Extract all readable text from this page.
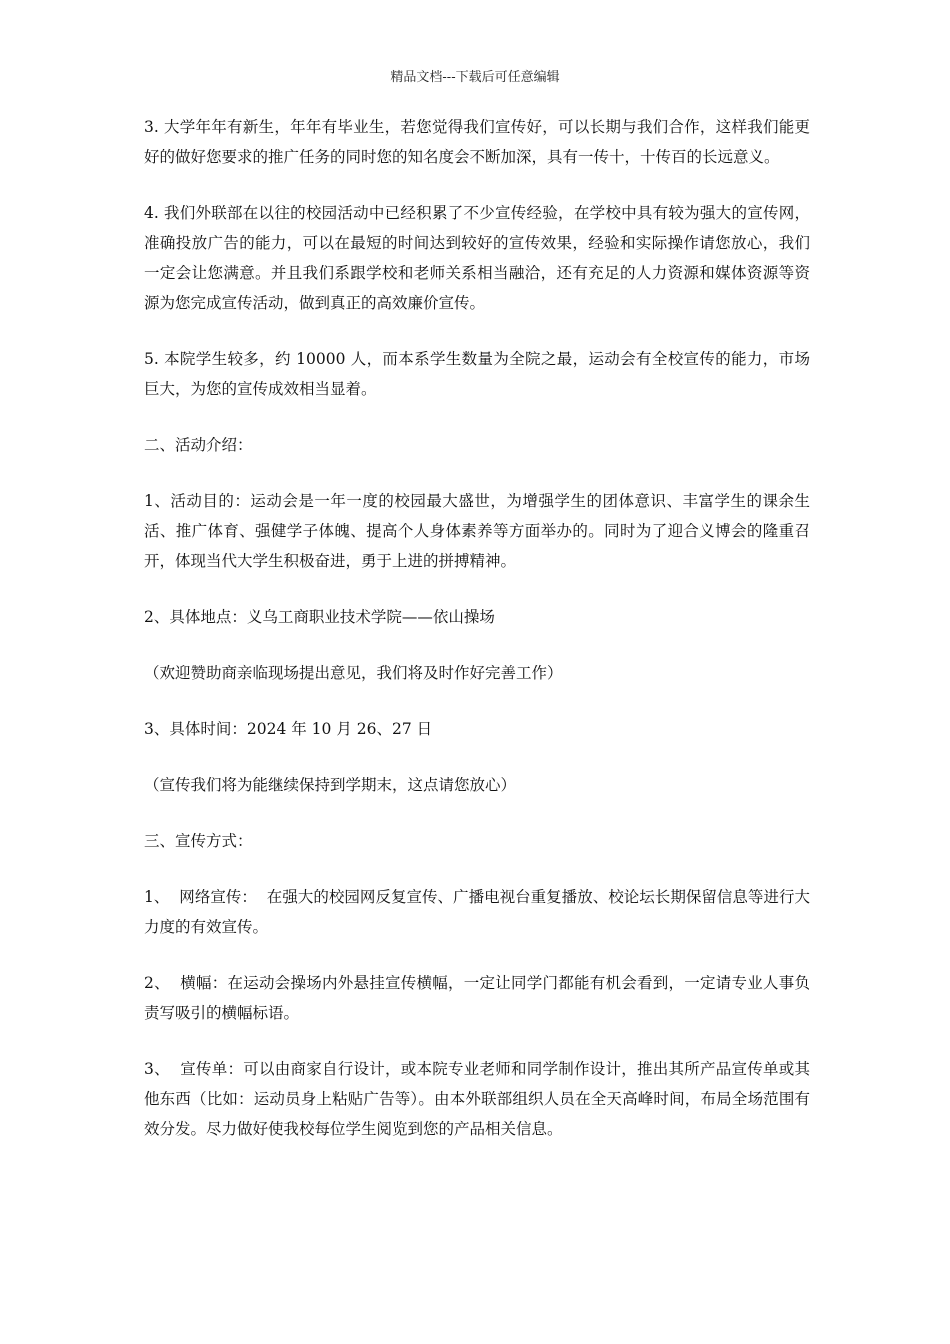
精品文档---下载后可任意编辑

3. 大学年年有新生，年年有毕业生，若您觉得我们宣传好，可以长期与我们合作，这样我们能更好的做好您要求的推广任务的同时您的知名度会不断加深，具有一传十，十传百的长远意义。

4. 我们外联部在以往的校园活动中已经积累了不少宣传经验，在学校中具有较为强大的宣传网，准确投放广告的能力，可以在最短的时间达到较好的宣传效果，经验和实际操作请您放心，我们一定会让您满意。并且我们系跟学校和老师关系相当融洽，还有充足的人力资源和媒体资源等资源为您完成宣传活动，做到真正的高效廉价宣传。

5. 本院学生较多，约 10000 人，而本系学生数量为全院之最，运动会有全校宣传的能力，市场巨大，为您的宣传成效相当显着。

二、活动介绍：

1、活动目的：运动会是一年一度的校园最大盛世，为增强学生的团体意识、丰富学生的课余生活、推广体育、强健学子体魄、提高个人身体素养等方面举办的。同时为了迎合义博会的隆重召开，体现当代大学生积极奋进，勇于上进的拼搏精神。

2、具体地点：义乌工商职业技术学院——依山操场

（欢迎赞助商亲临现场提出意见，我们将及时作好完善工作）

3、具体时间：2024 年 10 月 26、27 日

（宣传我们将为能继续保持到学期末，这点请您放心）

三、宣传方式：

1、  网络宣传：  在强大的校园网反复宣传、广播电视台重复播放、校论坛长期保留信息等进行大力度的有效宣传。

2、  横幅：在运动会操场内外悬挂宣传横幅，一定让同学门都能有机会看到，一定请专业人事负责写吸引的横幅标语。

3、  宣传单：可以由商家自行设计，或本院专业老师和同学制作设计，推出其所产品宣传单或其他东西（比如：运动员身上粘贴广告等）。由本外联部组织人员在全天高峰时间，布局全场范围有效分发。尽力做好使我校每位学生阅览到您的产品相关信息。
